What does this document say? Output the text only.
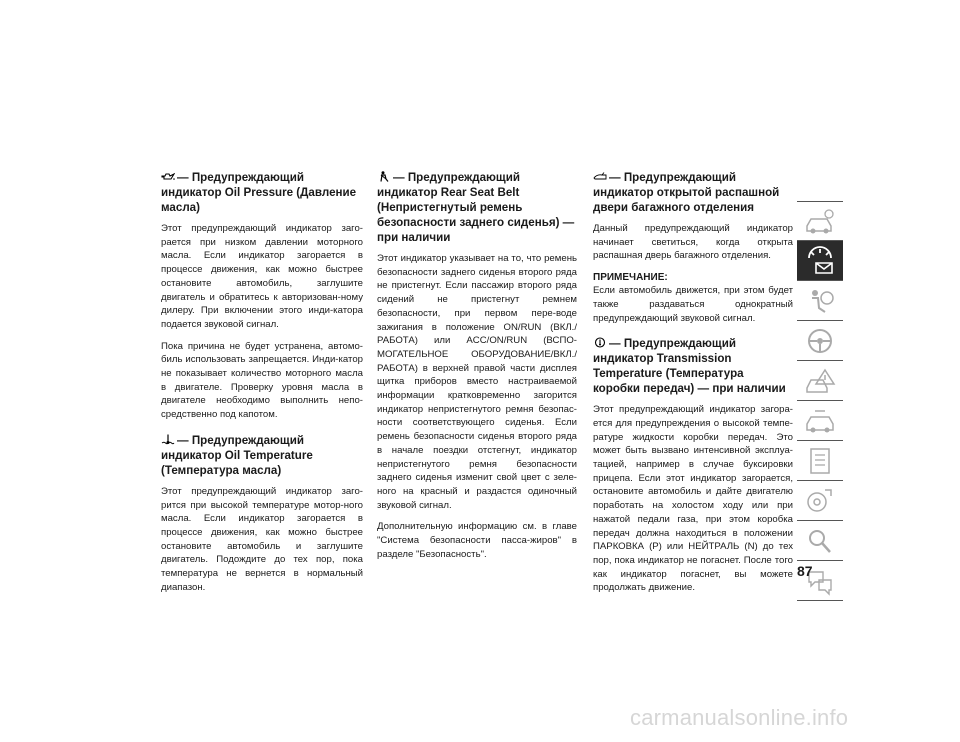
— Предупреждающий индикатор Oil Pressure (Давление масла)

Этот предупреждающий индикатор заго-рается при низком давлении моторного масла. Если индикатор загорается в процессе движения, как можно быстрее остановите автомобиль, заглушите двигатель и обратитесь к авторизован-ному дилеру. При включении этого инди-катора подается звуковой сигнал.

Пока причина не будет устранена, автомо-биль использовать запрещается. Инди-катор не показывает количество моторного масла в двигателе. Проверку уровня масла в двигателе необходимо выполнить непо-средственно под капотом.

— Предупреждающий индикатор Oil Temperature (Температура масла)

Этот предупреждающий индикатор заго-рится при высокой температуре мотор-ного масла. Если индикатор загорается в процессе движения, как можно быстрее остановите автомобиль и заглушите двигатель. Подождите до тех пор, пока температура не вернется в нормальный диапазон.

— Предупреждающий индикатор Rear Seat Belt (Непристегнутый ремень безопасности заднего сиденья) — при наличии

Этот индикатор указывает на то, что ремень безопасности заднего сиденья второго ряда не пристегнут. Если пассажир второго ряда сидений не пристегнут ремнем безопасности, при первом пере-воде зажигания в положение ON/RUN (ВКЛ./РАБОТА) или ACC/ON/RUN (ВСПО-МОГАТЕЛЬНОЕ ОБОРУДОВАНИЕ/ВКЛ./ РАБОТА) в верхней правой части дисплея щитка приборов вместо настраиваемой информации кратковременно загорится индикатор непристегнутого ремня безопас-ности соответствующего сиденья. Если ремень безопасности сиденья второго ряда в начале поездки отстегнут, индикатор непристегнутого ремня безопасности заднего сиденья изменит свой цвет с зеле-ного на красный и раздастся одиночный звуковой сигнал.

Дополнительную информацию см. в главе "Система безопасности пасса-жиров" в разделе "Безопасность".

— Предупреждающий индикатор открытой распашной двери багажного отделения

Данный предупреждающий индикатор начинает светиться, когда открыта распашная дверь багажного отделения.

ПРИМЕЧАНИЕ:

Если автомобиль движется, при этом будет также раздаваться однократный предупреждающий звуковой сигнал.

— Предупреждающий индикатор Transmission Temperature (Температура коробки передач) — при наличии

Этот предупреждающий индикатор загора-ется для предупреждения о высокой темпе-ратуре жидкости коробки передач. Это может быть вызвано интенсивной эксплуа-тацией, например в случае буксировки прицепа. Если этот индикатор загорается, остановите автомобиль и дайте двигателю поработать на холостом ходу или при нажатой педали газа, при этом коробка передач должна находиться в положении ПАРКОВКА (P) или НЕЙТРАЛЬ (N) до тех пор, пока индикатор не погаснет. После того как индикатор погаснет, вы можете продолжать движение.

87
carmanualsonline.info
